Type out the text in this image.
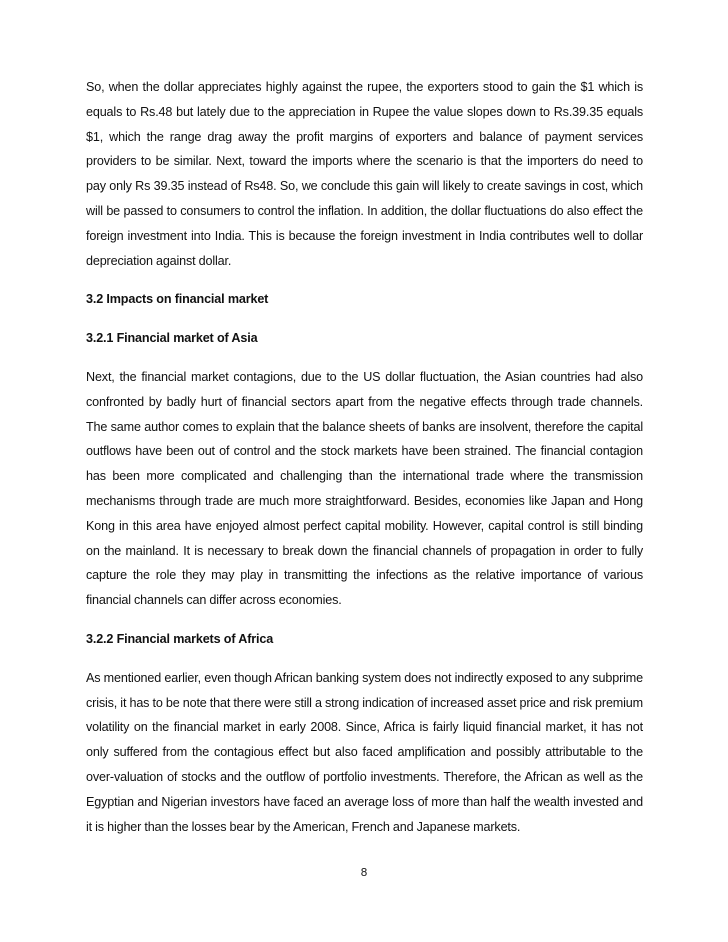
So, when the dollar appreciates highly against the rupee, the exporters stood to gain the $1 which is equals to Rs.48 but lately due to the appreciation in Rupee the value slopes down to Rs.39.35 equals $1, which the range drag away the profit margins of exporters and balance of payment services providers to be similar. Next, toward the imports where the scenario is that the importers do need to pay only Rs 39.35 instead of Rs48. So, we conclude this gain will likely to create savings in cost, which will be passed to consumers to control the inflation. In addition, the dollar fluctuations do also effect the foreign investment into India. This is because the foreign investment in India contributes well to dollar depreciation against dollar.

3.2 Impacts on financial market

3.2.1 Financial market of Asia

Next, the financial market contagions, due to the US dollar fluctuation, the Asian countries had also confronted by badly hurt of financial sectors apart from the negative effects through trade channels. The same author comes to explain that the balance sheets of banks are insolvent, therefore the capital outflows have been out of control and the stock markets have been strained. The financial contagion has been more complicated and challenging than the international trade where the transmission mechanisms through trade are much more straightforward. Besides, economies like Japan and Hong Kong in this area have enjoyed almost perfect capital mobility. However, capital control is still binding on the mainland. It is necessary to break down the financial channels of propagation in order to fully capture the role they may play in transmitting the infections as the relative importance of various financial channels can differ across economies.

3.2.2 Financial markets of Africa

As mentioned earlier, even though African banking system does not indirectly exposed to any subprime crisis, it has to be note that there were still a strong indication of increased asset price and risk premium volatility on the financial market in early 2008. Since, Africa is fairly liquid financial market, it has not only suffered from the contagious effect but also faced amplification and possibly attributable to the over-valuation of stocks and the outflow of portfolio investments. Therefore, the African as well as the Egyptian and Nigerian investors have faced an average loss of more than half the wealth invested and it is higher than the losses bear by the American, French and Japanese markets.

8
